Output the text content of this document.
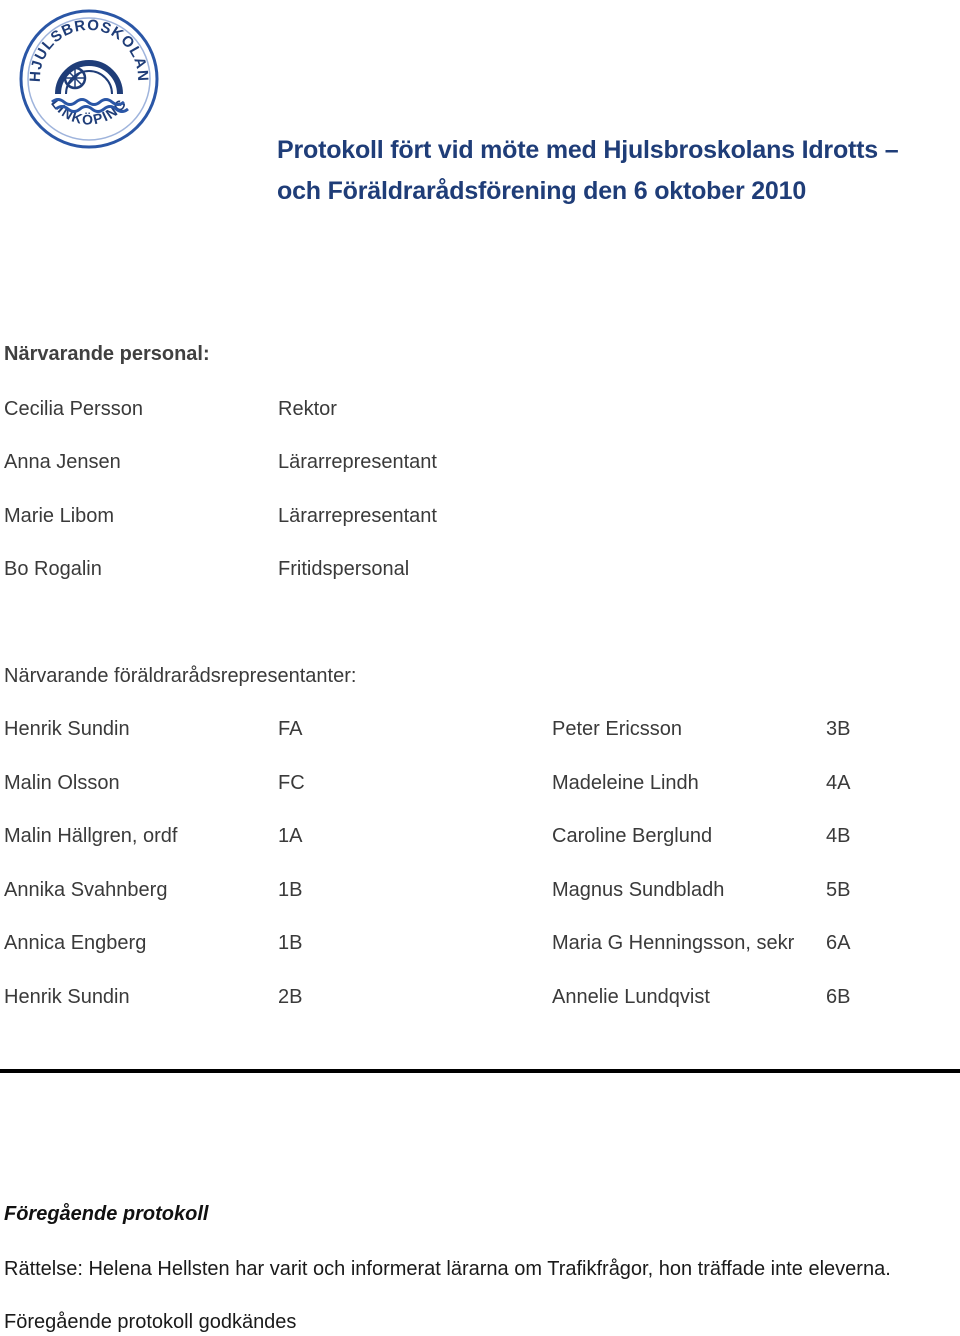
HJULSBROSKOLAN
LINKÖPING
Protokoll fört vid möte med Hjulsbroskolans Idrotts –
och Föräldrarådsförening den 6 oktober 2010
Närvarande personal:
Cecilia Persson	Rektor
Anna Jensen	Lärarrepresentant
Marie Libom	Lärarrepresentant
Bo Rogalin	Fritidspersonal
Närvarande föräldrarådsrepresentanter:
Henrik Sundin	FA	Peter Ericsson	3B
Malin Olsson	FC	Madeleine Lindh	4A
Malin Hällgren, ordf	1A	Caroline Berglund	4B
Annika Svahnberg	1B	Magnus Sundbladh	5B
Annica Engberg	1B	Maria G Henningsson, sekr 6A
Henrik Sundin	2B	Annelie Lundqvist	6B
Föregående protokoll
Rättelse: Helena Hellsten har varit och informerat lärarna om Trafikfrågor, hon träffade inte eleverna.
Föregående protokoll godkändes
